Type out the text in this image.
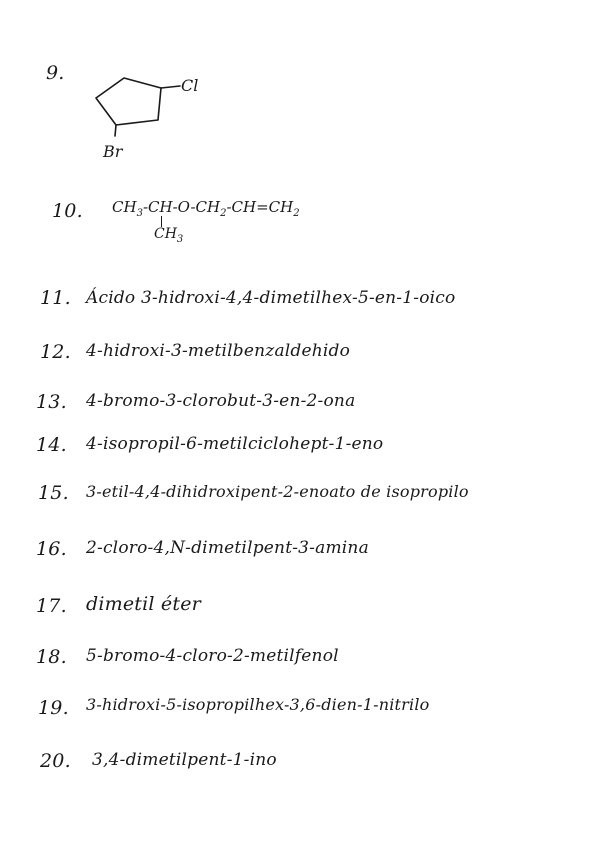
9.
Cl
Br
10. $CH_3-CH-O-CH_2-CH=CH_2$
$CH_3$
11. Ácido 3-hidroxi-4,4-dimetilhex-5-en-1-oico
12. 4-hidroxi-3-metilbenzaldehido
13. 4-bromo-3-clorobut-3-en-2-ona
14. 4-isopropil-6-metilciclohept-1-eno
15. 3-etil-4,4-dihidroxipent-2-enoato de isopropilo
16. 2-cloro-4,N-dimetilpent-3-amina
17. dimetil éter
18. 5-bromo-4-cloro-2-metilfenol
19. 3-hidroxi-5-isopropilhex-3,6-dien-1-nitrilo
20. 3,4-dimetilpent-1-ino
